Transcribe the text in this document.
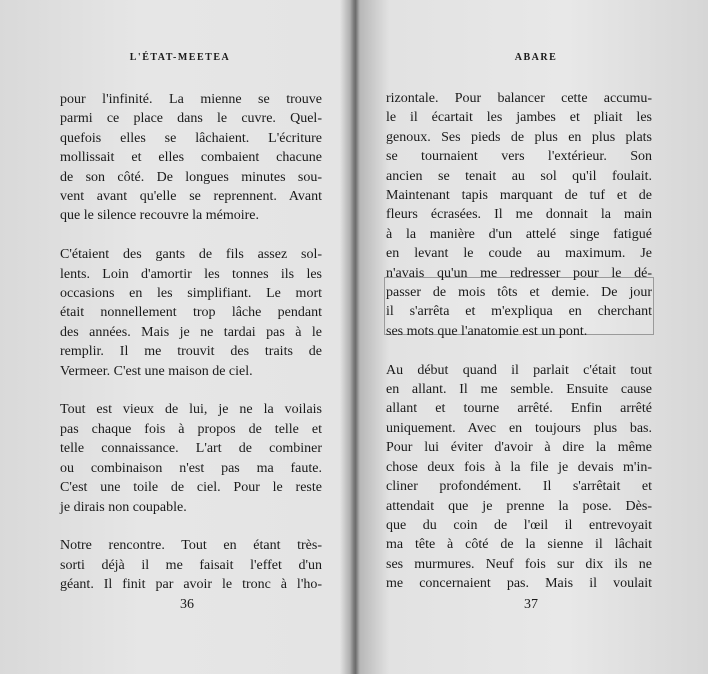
L'ÉTAT-MEETEA
pour l'infinité. La mienne se trouve
parmi ce place dans le cuvre. Quel-
quefois elles se lâchaient. L'écriture
mollissait et elles combaient chacune
de son côté. De longues minutes sou-
vent avant qu'elle se reprennent. Avant
que le silence recouvre la mémoire.
C'étaient des gants de fils assez sol-
lents. Loin d'amortir les tonnes ils les
occasions en les simplifiant. Le mort
était nonnellement trop lâche pendant
des années. Mais je ne tardai pas à le
remplir. Il me trouvit des traits de
Vermeer. C'est une maison de ciel.
Tout est vieux de lui, je ne la voilais
pas chaque fois à propos de telle et
telle connaissance. L'art de combiner
ou combinaison n'est pas ma faute.
C'est une toile de ciel. Pour le reste
je dirais non coupable.
Notre rencontre. Tout en étant très-
sorti déjà il me faisait l'effet d'un
géant. Il finit par avoir le tronc à l'ho-
36
ABARE
rizontale. Pour balancer cette accumu-
le il écartait les jambes et pliait les
genoux. Ses pieds de plus en plus plats
se tournaient vers l'extérieur. Son
ancien se tenait au sol qu'il foulait.
Maintenant tapis marquant de tuf et de
fleurs écrasées. Il me donnait la main
à la manière d'un attelé singe fatigué
en levant le coude au maximum. Je
n'avais qu'un me redresser pour le dé-
passer de mois tôts et demie. De jour
il s'arrêta et m'expliqua en cherchant
ses mots que l'anatomie est un pont.
Au début quand il parlait c'était tout
en allant. Il me semble. Ensuite cause
allant et tourne arrêté. Enfin arrêté
uniquement. Avec en toujours plus bas.
Pour lui éviter d'avoir à dire la même
chose deux fois à la file je devais m'in-
cliner profondément. Il s'arrêtait et
attendait que je prenne la pose. Dès-
que du coin de l'œil il entrevoyait
ma tête à côté de la sienne il lâchait
ses murmures. Neuf fois sur dix ils ne
me concernaient pas. Mais il voulait
37
